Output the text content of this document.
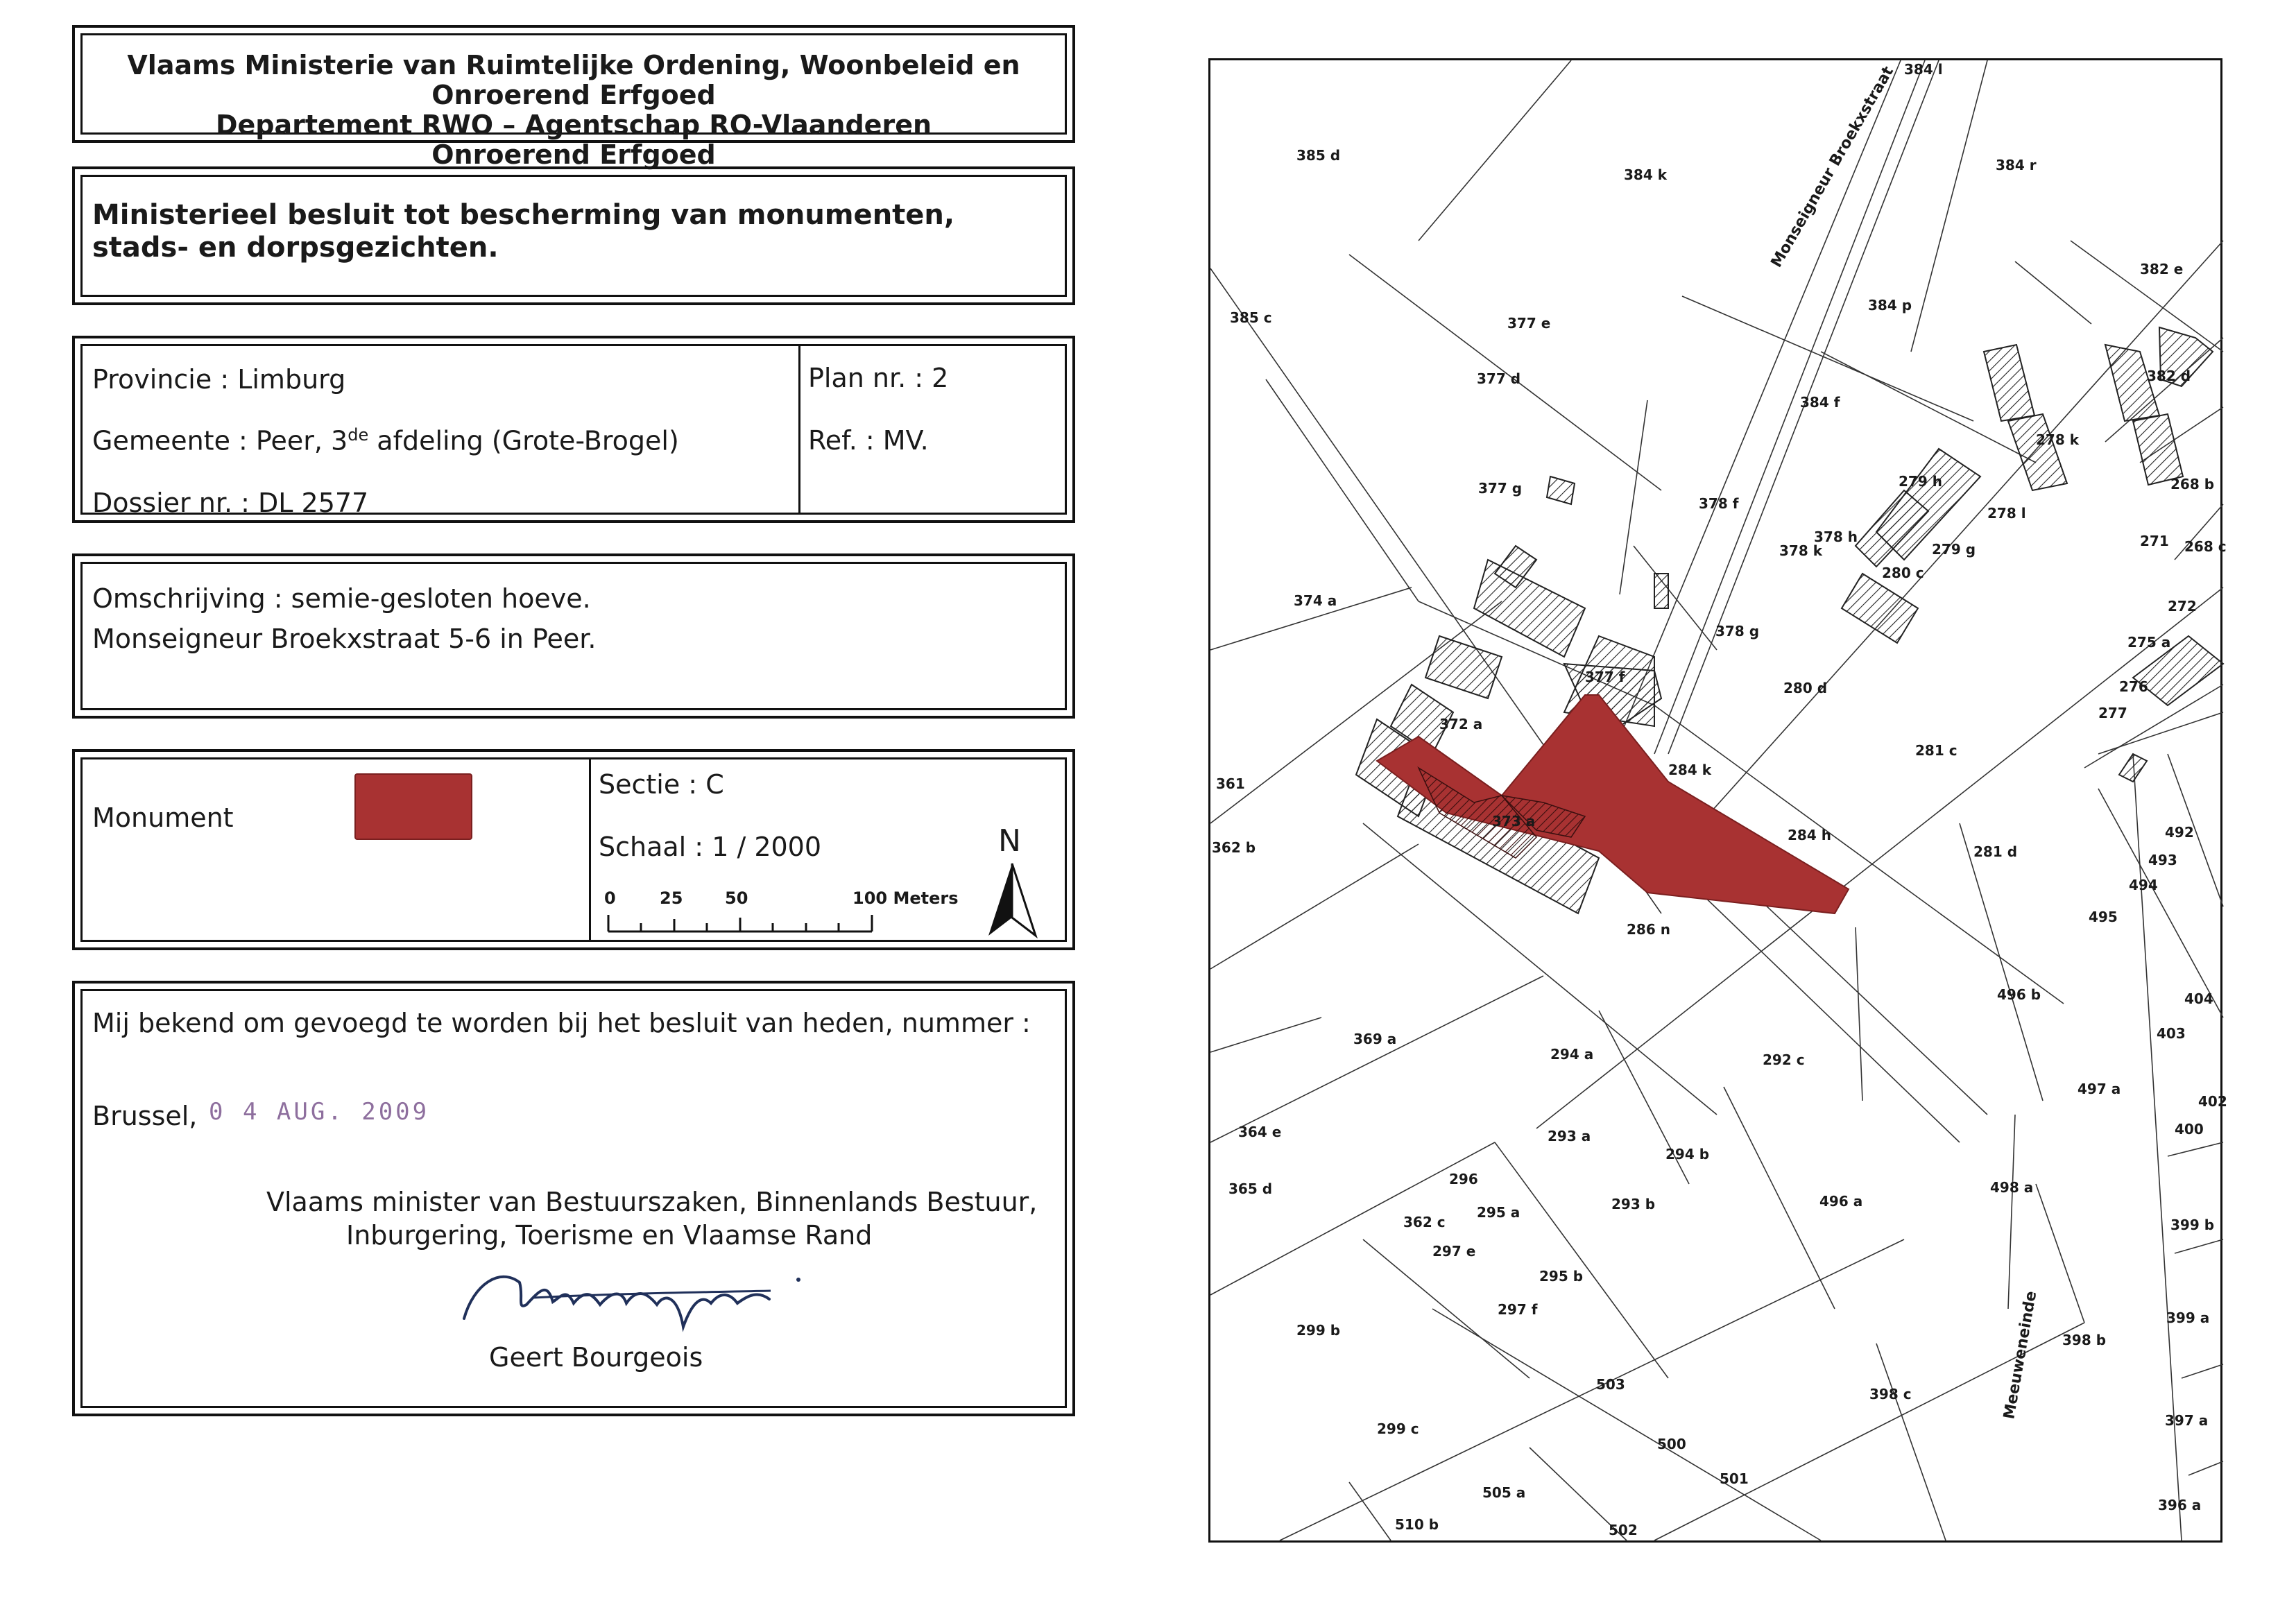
Vlaams Ministerie van Ruimtelijke Ordening, Woonbeleid en Onroerend Erfgoed
Departement RWO – Agentschap RO-Vlaanderen
Onroerend Erfgoed
Ministerieel besluit tot bescherming van monumenten, stads- en dorpsgezichten.
Provincie : Limburg
Gemeente : Peer, 3de afdeling (Grote-Brogel)
Dossier nr. : DL 2577
Plan nr. : 2
Ref. : MV.
Omschrijving : semie-gesloten hoeve.
Monseigneur Broekxstraat 5-6 in Peer.
Monument
Sectie : C
Schaal : 1 / 2000
0	25	50	100 Meters
N
Mij bekend om gevoegd te worden bij het besluit van heden, nummer :
Brussel, 0 4 AUG. 2009
Vlaams minister van Bestuurszaken, Binnenlands Bestuur,
Inburgering, Toerisme en Vlaamse Rand
Geert Bourgeois
Monseigneur Broekxstraat
Meeuweneinde
384 l
385 d
384 k
384 r
382 e
385 c	377 e
384 p
377 d
384 f
382 d
278 k
377 g
378 f
279 h
278 l
268 b
378 k
378 h
279 g	271 268 c
280 c
374 a	272
378 g
275 a
377 f
280 d	276
277
372 a
284 k
281 c
361
373 a
284 h	492
362 b	281 d	493
494
286 n
495
496 b	404
369 a	403
294 a	292 c
497 a
402
364 e	293 a	400
294 b
296
365 d	498 a
295 a	293 b	496 a
362 c	399 b
297 e
295 b
297 f
299 b
398 b
399 a
503
398 c
299 c
500
397 a
501
505 a
396 a
510 b	502
